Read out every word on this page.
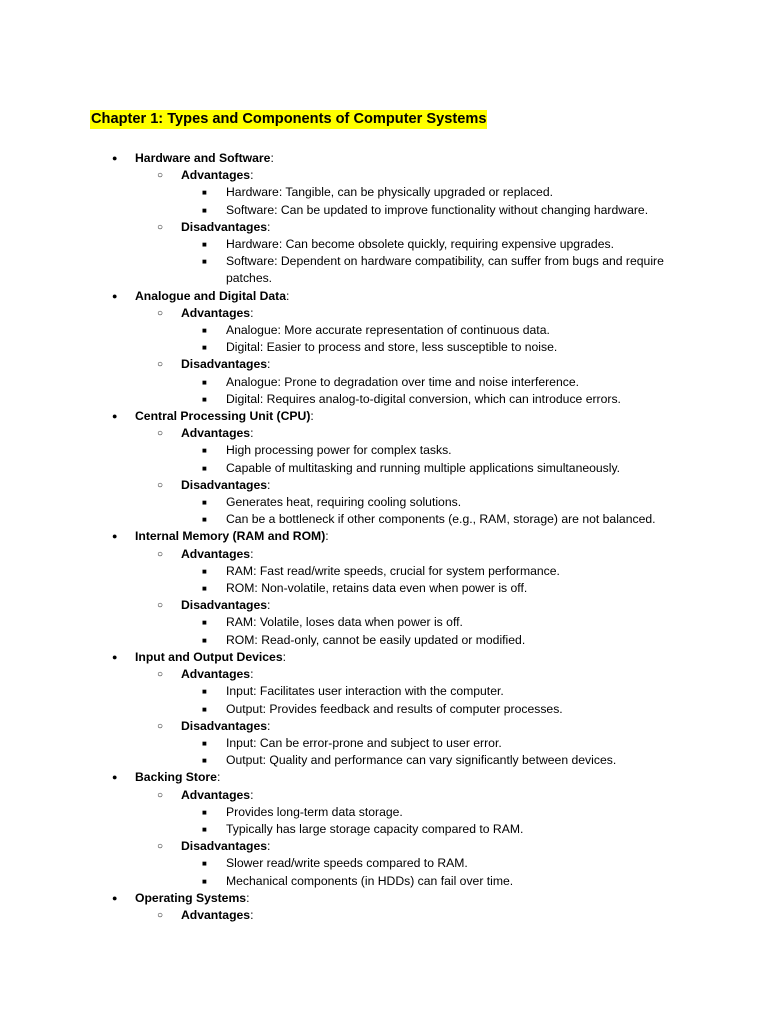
Chapter 1: Types and Components of Computer Systems
● Hardware and Software:
○ Advantages:
■ Hardware: Tangible, can be physically upgraded or replaced.
■ Software: Can be updated to improve functionality without changing hardware.
○ Disadvantages:
■ Hardware: Can become obsolete quickly, requiring expensive upgrades.
■ Software: Dependent on hardware compatibility, can suffer from bugs and require patches.
● Analogue and Digital Data:
○ Advantages:
■ Analogue: More accurate representation of continuous data.
■ Digital: Easier to process and store, less susceptible to noise.
○ Disadvantages:
■ Analogue: Prone to degradation over time and noise interference.
■ Digital: Requires analog-to-digital conversion, which can introduce errors.
● Central Processing Unit (CPU):
○ Advantages:
■ High processing power for complex tasks.
■ Capable of multitasking and running multiple applications simultaneously.
○ Disadvantages:
■ Generates heat, requiring cooling solutions.
■ Can be a bottleneck if other components (e.g., RAM, storage) are not balanced.
● Internal Memory (RAM and ROM):
○ Advantages:
■ RAM: Fast read/write speeds, crucial for system performance.
■ ROM: Non-volatile, retains data even when power is off.
○ Disadvantages:
■ RAM: Volatile, loses data when power is off.
■ ROM: Read-only, cannot be easily updated or modified.
● Input and Output Devices:
○ Advantages:
■ Input: Facilitates user interaction with the computer.
■ Output: Provides feedback and results of computer processes.
○ Disadvantages:
■ Input: Can be error-prone and subject to user error.
■ Output: Quality and performance can vary significantly between devices.
● Backing Store:
○ Advantages:
■ Provides long-term data storage.
■ Typically has large storage capacity compared to RAM.
○ Disadvantages:
■ Slower read/write speeds compared to RAM.
■ Mechanical components (in HDDs) can fail over time.
● Operating Systems:
○ Advantages:
